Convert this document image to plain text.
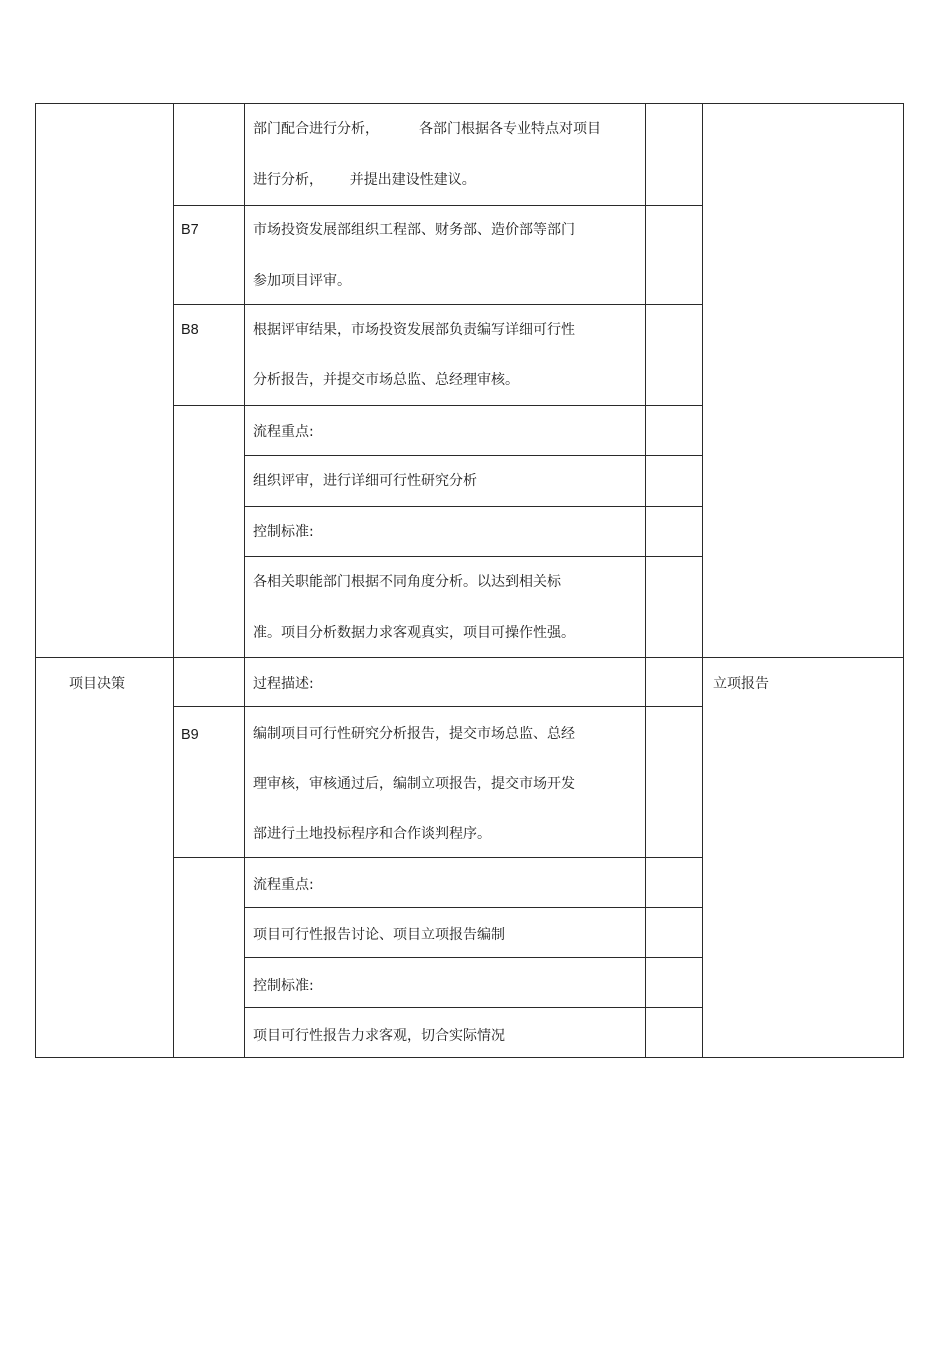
项目决策	立项报告
B7
B8
B9
部门配合进行分析，         各部门根据各专业特点对项目
进行分析，      并提出建设性建议。
市场投资发展部组织工程部、财务部、造价部等部门
参加项目评审。
根据评审结果，市场投资发展部负责编写详细可行性
分析报告，并提交市场总监、总经理审核。
流程重点:
组织评审，进行详细可行性研究分析
控制标准:
各相关职能部门根据不同角度分析。以达到相关标
准。项目分析数据力求客观真实，项目可操作性强。
过程描述:
编制项目可行性研究分析报告，提交市场总监、总经
理审核，审核通过后，编制立项报告，提交市场开发
部进行土地投标程序和合作谈判程序。
流程重点:
项目可行性报告讨论、项目立项报告编制
控制标准:
项目可行性报告力求客观，切合实际情况
